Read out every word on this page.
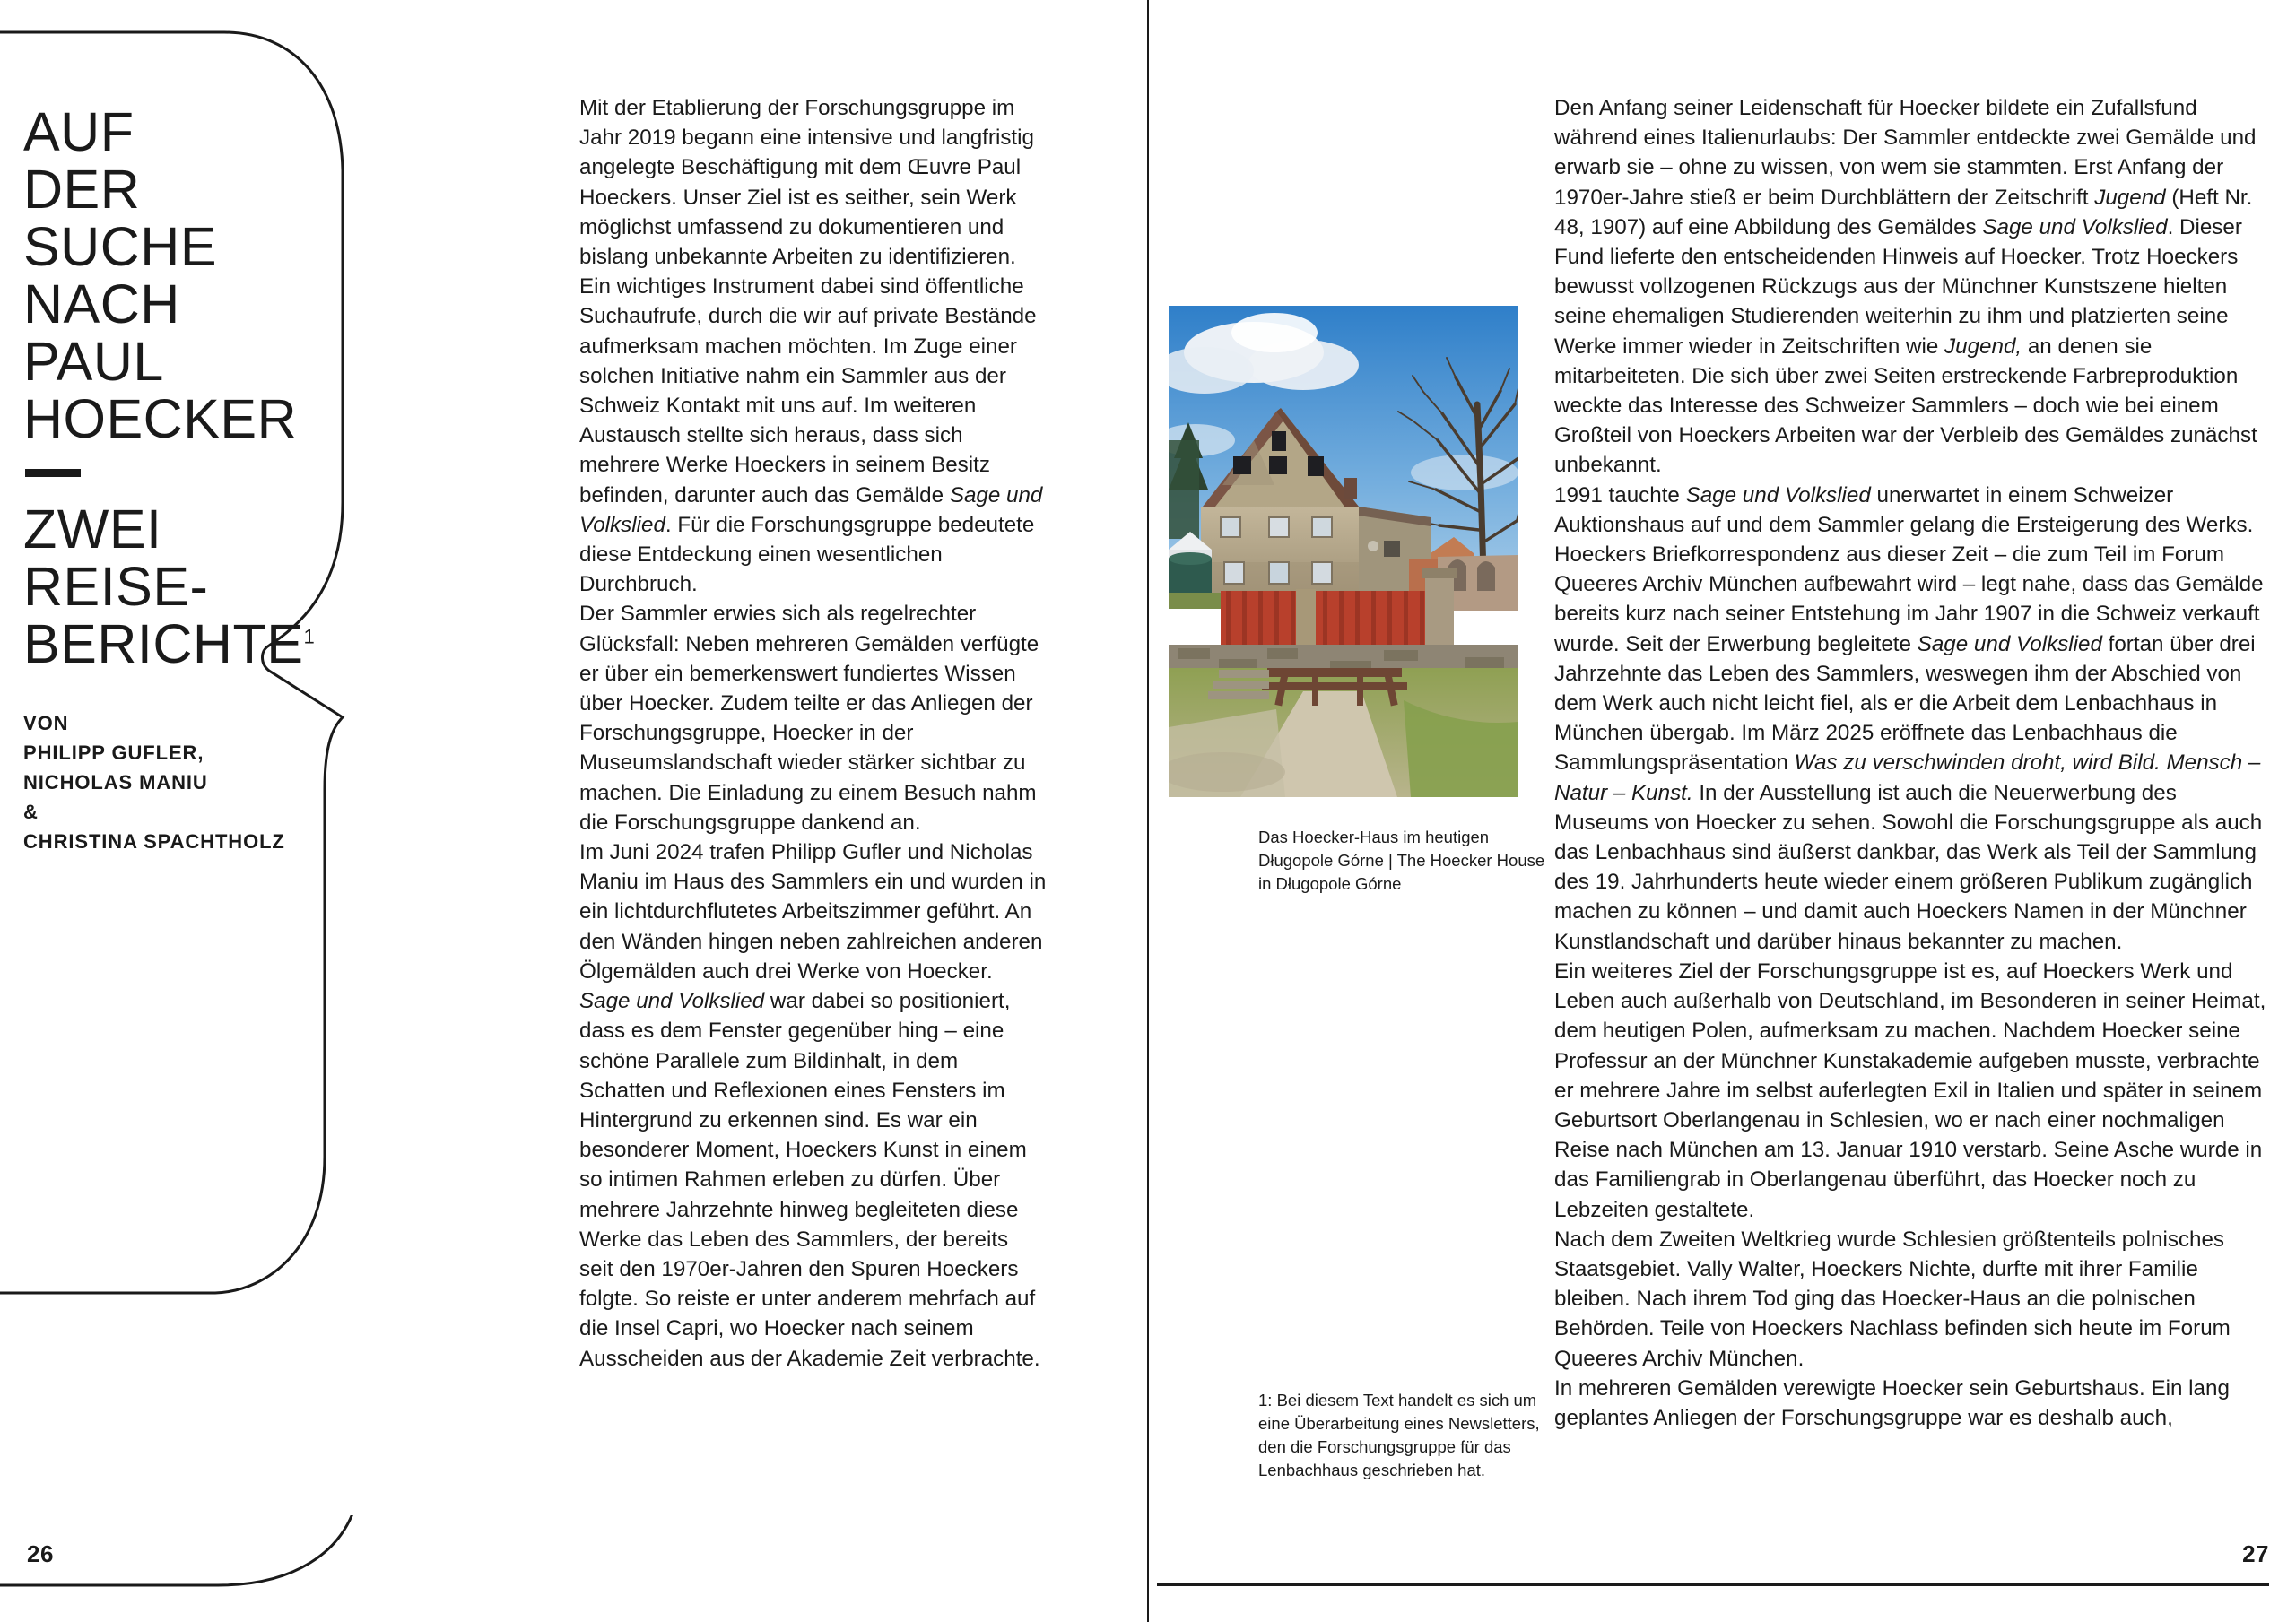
AUF
DER
SUCHE
NACH
PAUL
HOECKER
ZWEI
REISE-
BERICHTE$^1$
VON
PHILIPP GUFLER,
NICHOLAS MANIU
&
CHRISTINA SPACHTHOLZ

Mit der Etablierung der Forschungsgruppe im Jahr 2019 begann eine intensive und langfristig angelegte Beschäftigung mit dem Œuvre Paul Hoeckers. Unser Ziel ist es seither, sein Werk möglichst umfassend zu dokumentieren und bislang unbekannte Arbeiten zu identifizieren. Ein wichtiges Instrument dabei sind öffentliche Suchaufrufe, durch die wir auf private Bestände aufmerksam machen möchten. Im Zuge einer solchen Initiative nahm ein Sammler aus der Schweiz Kontakt mit uns auf. Im weiteren Austausch stellte sich heraus, dass sich mehrere Werke Hoeckers in seinem Besitz befinden, darunter auch das Gemälde Sage und Volkslied. Für die Forschungsgruppe bedeutete diese Entdeckung einen wesentlichen Durchbruch.

Der Sammler erwies sich als regelrechter Glücksfall: Neben mehreren Gemälden verfügte er über ein bemerkenswert fundiertes Wissen über Hoecker. Zudem teilte er das Anliegen der Forschungsgruppe, Hoecker in der Museumslandschaft wieder stärker sichtbar zu machen. Die Einladung zu einem Besuch nahm die Forschungsgruppe dankend an.

Im Juni 2024 trafen Philipp Gufler und Nicholas Maniu im Haus des Sammlers ein und wurden in ein lichtdurchflutetes Arbeitszimmer geführt. An den Wänden hingen neben zahlreichen anderen Ölgemälden auch drei Werke von Hoecker. Sage und Volkslied war dabei so positioniert, dass es dem Fenster gegenüber hing – eine schöne Parallele zum Bildinhalt, in dem Schatten und Reflexionen eines Fensters im Hintergrund zu erkennen sind. Es war ein besonderer Moment, Hoeckers Kunst in einem so intimen Rahmen erleben zu dürfen. Über mehrere Jahrzehnte hinweg begleiteten diese Werke das Leben des Sammlers, der bereits seit den 1970er-Jahren den Spuren Hoeckers folgte. So reiste er unter anderem mehrfach auf die Insel Capri, wo Hoecker nach seinem Ausscheiden aus der Akademie Zeit verbrachte.

Das Hoecker-Haus im heutigen Długopole Górne | The Hoecker House in Długopole Górne
1: Bei diesem Text handelt es sich um eine Überarbeitung eines Newsletters, den die Forschungsgruppe für das Lenbachhaus geschrieben hat.

Den Anfang seiner Leidenschaft für Hoecker bildete ein Zufallsfund während eines Italienurlaubs: Der Sammler entdeckte zwei Gemälde und erwarb sie – ohne zu wissen, von wem sie stammten. Erst Anfang der 1970er-Jahre stieß er beim Durchblättern der Zeitschrift Jugend (Heft Nr. 48, 1907) auf eine Abbildung des Gemäldes Sage und Volkslied. Dieser Fund lieferte den entscheidenden Hinweis auf Hoecker. Trotz Hoeckers bewusst vollzogenen Rückzugs aus der Münchner Kunstszene hielten seine ehemaligen Studierenden weiterhin zu ihm und platzierten seine Werke immer wieder in Zeitschriften wie Jugend, an denen sie mitarbeiteten. Die sich über zwei Seiten erstreckende Farbreproduktion weckte das Interesse des Schweizer Sammlers – doch wie bei einem Großteil von Hoeckers Arbeiten war der Verbleib des Gemäldes zunächst unbekannt.

1991 tauchte Sage und Volkslied unerwartet in einem Schweizer Auktionshaus auf und dem Sammler gelang die Ersteigerung des Werks. Hoeckers Briefkorrespondenz aus dieser Zeit – die zum Teil im Forum Queeres Archiv München aufbewahrt wird – legt nahe, dass das Gemälde bereits kurz nach seiner Entstehung im Jahr 1907 in die Schweiz verkauft wurde. Seit der Erwerbung begleitete Sage und Volkslied fortan über drei Jahrzehnte das Leben des Sammlers, weswegen ihm der Abschied von dem Werk auch nicht leicht fiel, als er die Arbeit dem Lenbachhaus in München übergab. Im März 2025 eröffnete das Lenbachhaus die Sammlungspräsentation Was zu verschwinden droht, wird Bild. Mensch – Natur – Kunst. In der Ausstellung ist auch die Neuerwerbung des Museums von Hoecker zu sehen. Sowohl die Forschungsgruppe als auch das Lenbachhaus sind äußerst dankbar, das Werk als Teil der Sammlung des 19. Jahrhunderts heute wieder einem größeren Publikum zugänglich machen zu können – und damit auch Hoeckers Namen in der Münchner Kunstlandschaft und darüber hinaus bekannter zu machen.

Ein weiteres Ziel der Forschungsgruppe ist es, auf Hoeckers Werk und Leben auch außerhalb von Deutschland, im Besonderen in seiner Heimat, dem heutigen Polen, aufmerksam zu machen. Nachdem Hoecker seine Professur an der Münchner Kunstakademie aufgeben musste, verbrachte er mehrere Jahre im selbst auferlegten Exil in Italien und später in seinem Geburtsort Oberlangenau in Schlesien, wo er nach einer nochmaligen Reise nach München am 13. Januar 1910 verstarb. Seine Asche wurde in das Familiengrab in Oberlangenau überführt, das Hoecker noch zu Lebzeiten gestaltete.

Nach dem Zweiten Weltkrieg wurde Schlesien größtenteils polnisches Staatsgebiet. Vally Walter, Hoeckers Nichte, durfte mit ihrer Familie bleiben. Nach ihrem Tod ging das Hoecker-Haus an die polnischen Behörden. Teile von Hoeckers Nachlass befinden sich heute im Forum Queeres Archiv München.

In mehreren Gemälden verewigte Hoecker sein Geburtshaus. Ein lang geplantes Anliegen der Forschungsgruppe war es deshalb auch,

26	27
